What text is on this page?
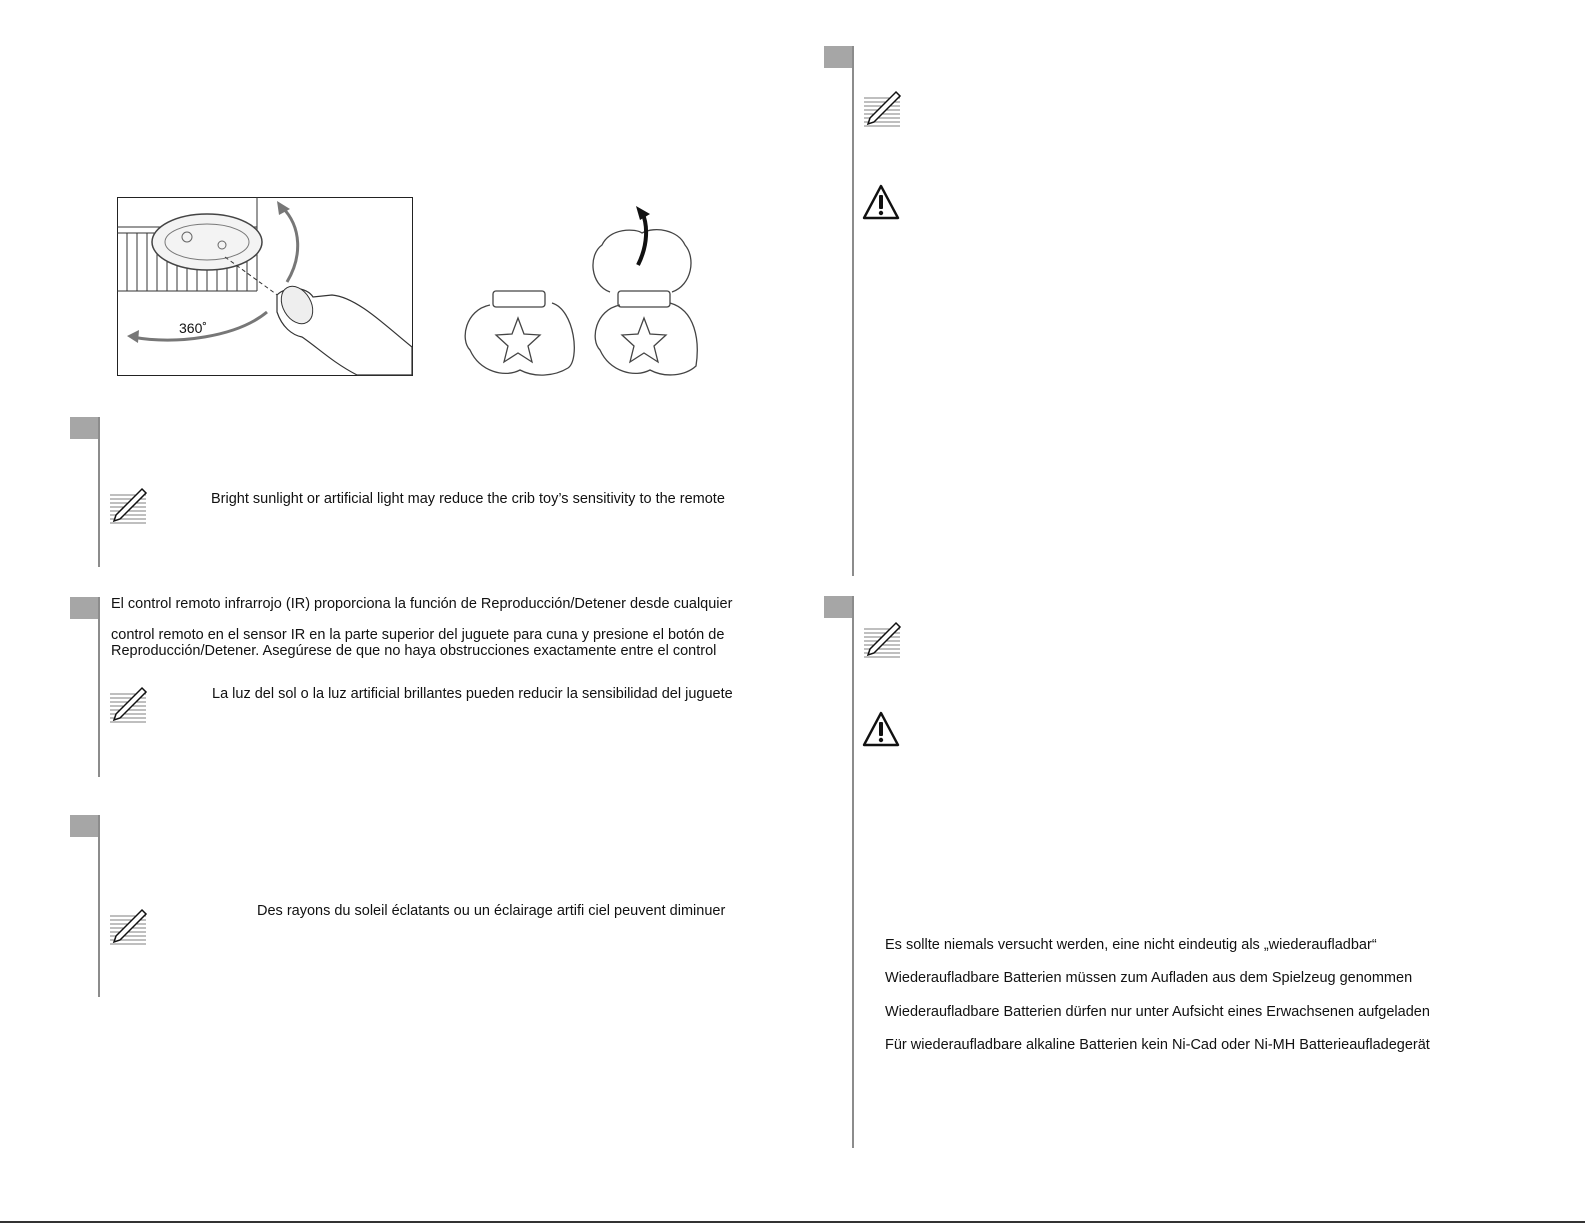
360˚
Bright sunlight or artificial light may reduce the crib toy’s sensitivity to the remote
El control remoto infrarrojo (IR) proporciona la función de Reproducción/Detener desde cualquier
control remoto en el sensor IR en la parte superior del juguete para cuna y presione el botón de
Reproducción/Detener. Asegúrese de que no haya obstrucciones exactamente entre el control
La luz del sol o la luz artificial brillantes pueden reducir la sensibilidad del juguete
Des rayons du soleil éclatants ou un éclairage artifi ciel peuvent diminuer
Es sollte niemals versucht werden, eine nicht eindeutig als „wiederaufladbar“
Wiederaufladbare Batterien müssen zum Aufladen aus dem Spielzeug genommen
Wiederaufladbare Batterien dürfen nur unter Aufsicht eines Erwachsenen aufgeladen
Für wiederaufladbare alkaline Batterien kein Ni-Cad oder Ni-MH Batterieaufladegerät
